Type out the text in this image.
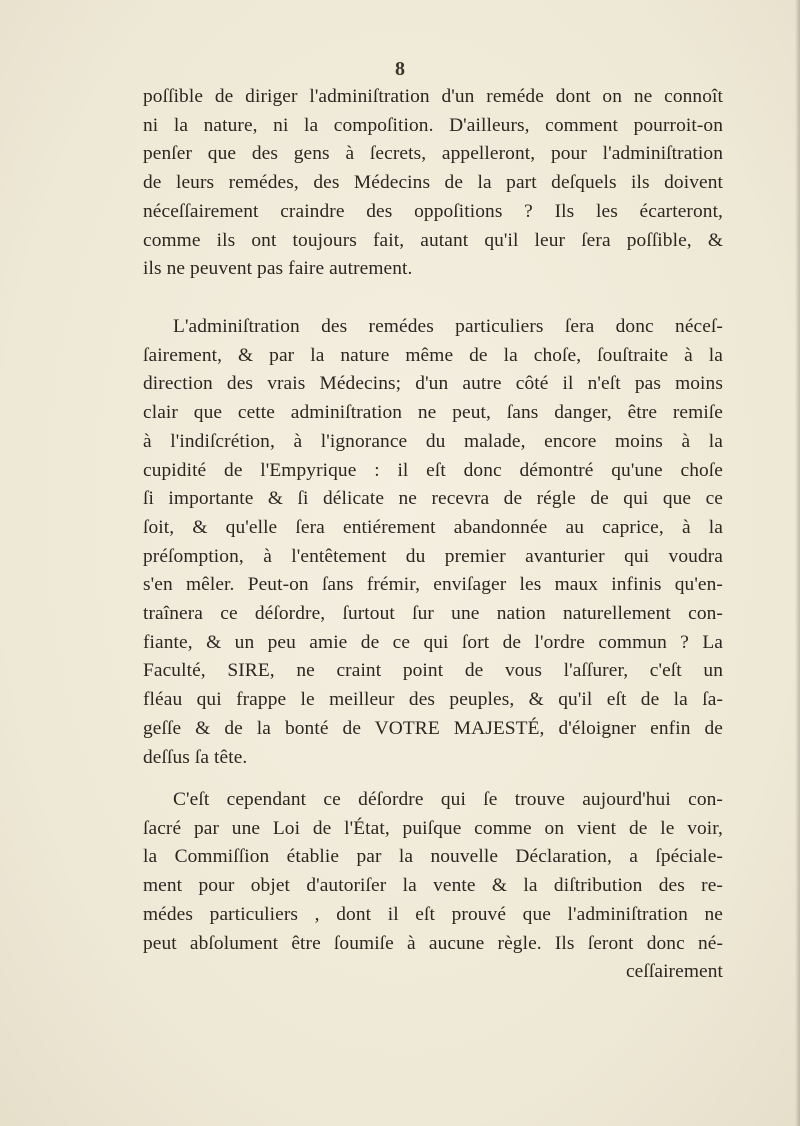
8
poſſible de diriger l'adminiſtration d'un reméde dont on ne connoît
ni la nature, ni la compoſition. D'ailleurs, comment pourroit-on
penſer que des gens à ſecrets, appelleront, pour l'adminiſtration
de leurs remédes, des Médecins de la part deſquels ils doivent
néceſſairement craindre des oppoſitions ? Ils les écarteront,
comme ils ont toujours fait, autant qu'il leur ſera poſſible, &
ils ne peuvent pas faire autrement.
L'adminiſtration des remédes particuliers ſera donc néceſ-
ſairement, & par la nature même de la choſe, ſouſtraite à la
direction des vrais Médecins; d'un autre côté il n'eſt pas moins
clair que cette adminiſtration ne peut, ſans danger, être remiſe
à l'indiſcrétion, à l'ignorance du malade, encore moins à la
cupidité de l'Empyrique : il eſt donc démontré qu'une choſe
ſi importante & ſi délicate ne recevra de régle de qui que ce
ſoit, & qu'elle ſera entiérement abandonnée au caprice, à la
préſomption, à l'entêtement du premier avanturier qui voudra
s'en mêler. Peut-on ſans frémir, enviſager les maux infinis qu'en-
traînera ce déſordre, ſurtout ſur une nation naturellement con-
fiante, & un peu amie de ce qui ſort de l'ordre commun ? La
Faculté, SIRE, ne craint point de vous l'aſſurer, c'eſt un
fléau qui frappe le meilleur des peuples, & qu'il eſt de la ſa-
geſſe & de la bonté de VOTRE MAJESTÉ, d'éloigner enfin de
deſſus ſa tête.
C'eſt cependant ce déſordre qui ſe trouve aujourd'hui con-
ſacré par une Loi de l'État, puiſque comme on vient de le voir,
la Commiſſion établie par la nouvelle Déclaration, a ſpéciale-
ment pour objet d'autoriſer la vente & la diſtribution des re-
médes particuliers , dont il eſt prouvé que l'adminiſtration ne
peut abſolument être ſoumiſe à aucune règle. Ils ſeront donc né-
ceſſairement
